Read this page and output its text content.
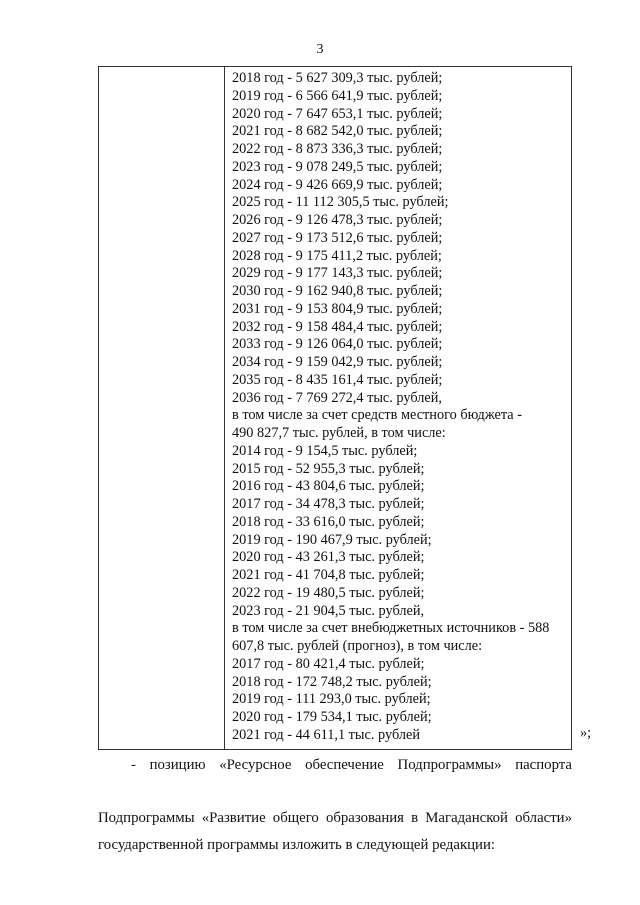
3
2018 год - 5 627 309,3 тыс. рублей;
2019 год - 6 566 641,9 тыс. рублей;
2020 год - 7 647 653,1 тыс. рублей;
2021 год - 8 682 542,0 тыс. рублей;
2022 год - 8 873 336,3 тыс. рублей;
2023 год - 9 078 249,5 тыс. рублей;
2024 год - 9 426 669,9 тыс. рублей;
2025 год - 11 112 305,5 тыс. рублей;
2026 год - 9 126 478,3 тыс. рублей;
2027 год - 9 173 512,6 тыс. рублей;
2028 год - 9 175 411,2 тыс. рублей;
2029 год - 9 177 143,3 тыс. рублей;
2030 год - 9 162 940,8 тыс. рублей;
2031 год - 9 153 804,9 тыс. рублей;
2032 год - 9 158 484,4 тыс. рублей;
2033 год - 9 126 064,0 тыс. рублей;
2034 год - 9 159 042,9 тыс. рублей;
2035 год - 8 435 161,4 тыс. рублей;
2036 год - 7 769 272,4 тыс. рублей,
в том числе за счет средств местного бюджета -
490 827,7 тыс. рублей, в том числе:
2014 год - 9 154,5 тыс. рублей;
2015 год - 52 955,3 тыс. рублей;
2016 год - 43 804,6 тыс. рублей;
2017 год - 34 478,3 тыс. рублей;
2018 год - 33 616,0 тыс. рублей;
2019 год - 190 467,9 тыс. рублей;
2020 год - 43 261,3 тыс. рублей;
2021 год - 41 704,8 тыс. рублей;
2022 год - 19 480,5 тыс. рублей;
2023 год - 21 904,5 тыс. рублей,
в том числе за счет внебюджетных источников - 588
607,8 тыс. рублей (прогноз), в том числе:
2017 год - 80 421,4 тыс. рублей;
2018 год - 172 748,2 тыс. рублей;
2019 год - 111 293,0 тыс. рублей;
2020 год - 179 534,1 тыс. рублей;
2021 год - 44 611,1 тыс. рублей	»;
- позицию «Ресурсное обеспечение Подпрограммы» паспорта
Подпрограммы «Развитие общего образования в Магаданской области» государственной программы изложить в следующей редакции:
